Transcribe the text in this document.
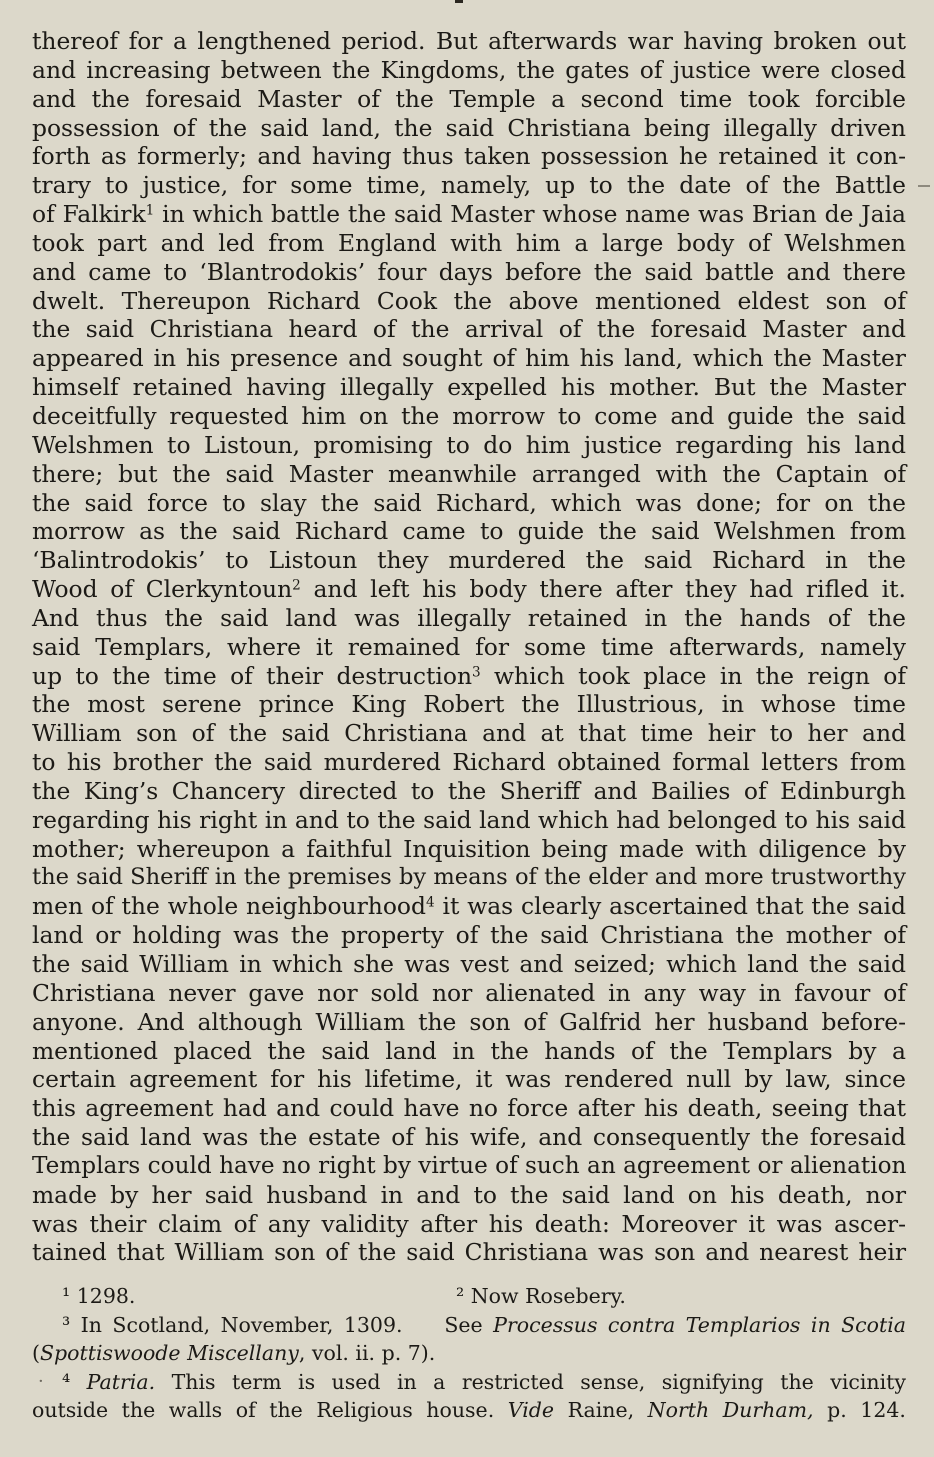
thereof for a lengthened period. But afterwards war having broken out
and increasing between the Kingdoms, the gates of justice were closed
and the foresaid Master of the Temple a second time took forcible
possession of the said land, the said Christiana being illegally driven
forth as formerly; and having thus taken possession he retained it con-
trary to justice, for some time, namely, up to the date of the Battle
of Falkirk$^1$ in which battle the said Master whose name was Brian de Jaia
took part and led from England with him a large body of Welshmen
and came to ‘Blantrodokis’ four days before the said battle and there
dwelt. Thereupon Richard Cook the above mentioned eldest son of
the said Christiana heard of the arrival of the foresaid Master and
appeared in his presence and sought of him his land, which the Master
himself retained having illegally expelled his mother. But the Master
deceitfully requested him on the morrow to come and guide the said
Welshmen to Listoun, promising to do him justice regarding his land
there; but the said Master meanwhile arranged with the Captain of
the said force to slay the said Richard, which was done; for on the
morrow as the said Richard came to guide the said Welshmen from
‘Balintrodokis’ to Listoun they murdered the said Richard in the
Wood of Clerkyntoun$^2$ and left his body there after they had rifled it.
And thus the said land was illegally retained in the hands of the
said Templars, where it remained for some time afterwards, namely
up to the time of their destruction$^3$ which took place in the reign of
the most serene prince King Robert the Illustrious, in whose time
William son of the said Christiana and at that time heir to her and
to his brother the said murdered Richard obtained formal letters from
the King’s Chancery directed to the Sheriff and Bailies of Edinburgh
regarding his right in and to the said land which had belonged to his said
mother; whereupon a faithful Inquisition being made with diligence by
the said Sheriff in the premises by means of the elder and more trustworthy
men of the whole neighbourhood$^4$ it was clearly ascertained that the said
land or holding was the property of the said Christiana the mother of
the said William in which she was vest and seized; which land the said
Christiana never gave nor sold nor alienated in any way in favour of
anyone. And although William the son of Galfrid her husband before-
mentioned placed the said land in the hands of the Templars by a
certain agreement for his lifetime, it was rendered null by law, since
this agreement had and could have no force after his death, seeing that
the said land was the estate of his wife, and consequently the foresaid
Templars could have no right by virtue of such an agreement or alienation
made by her said husband in and to the said land on his death, nor
was their claim of any validity after his death: Moreover it was ascer-
tained that William son of the said Christiana was son and nearest heir
¹ 1298.	² Now Rosebery.
³ In Scotland, November, 1309. See Processus contra Templarios in Scotia
(Spottiswoode Miscellany, vol. ii. p. 7).
· ⁴ Patria. This term is used in a restricted sense, signifying the vicinity
outside the walls of the Religious house. Vide Raine, North Durham, p. 124.
